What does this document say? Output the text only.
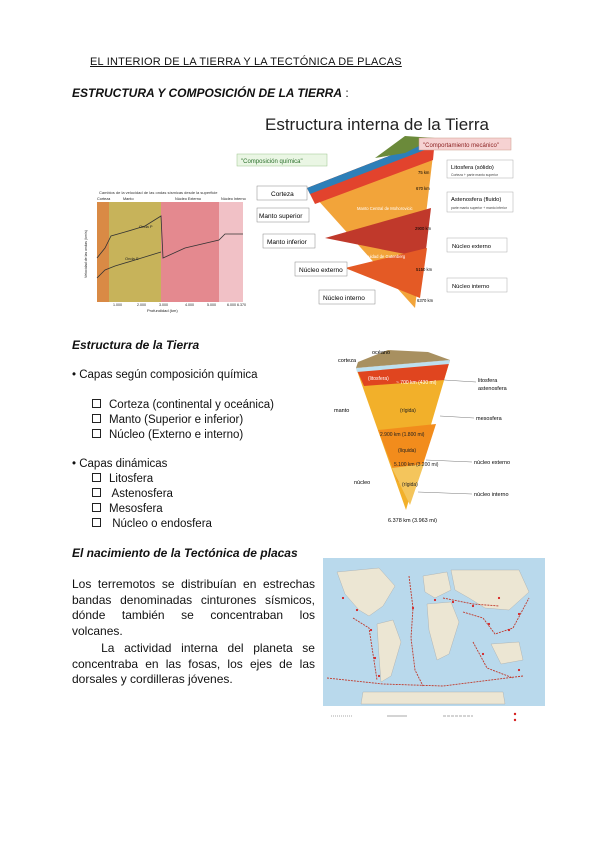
EL INTERIOR DE LA TIERRA Y LA TECTÓNICA DE PLACAS
ESTRUCTURA Y COMPOSICIÓN DE LA TIERRA :
Estructura interna de la Tierra
Cambios de la velocidad de las ondas sísmicas desde la superficie
Corteza	Manto	Núcleo Externo	Núcleo Interno
Onda P
Onda S
Velocidad de las ondas (km/s)
1.000	2.000	3.000	4.000	5.000	6.000 6.370
Profundidad (km)
Manto Central de Mohorovicic
Discontinuidad de Gutenberg
"Composición química"
"Comportamiento mecánico"
Corteza
Manto superior
Manto inferior
Núcleo externo
Núcleo interno
75 km
670 km
2900 km
5150 km
6370 km
Litosfera (sólido)
Corteza + parte manto superior
Astenosfera (fluido)
parte manto superior + manto inferior
Núcleo externo
Núcleo interno
Estructura de la Tierra
• Capas según composición química
Corteza (continental y oceánica)
Manto (Superior e inferior)
Núcleo (Externo e interno)
• Capas dinámicas
Litosfera
Astenosfera
Mesosfera
Núcleo o endosfera
océano
corteza
manto
núcleo
(litosfera)
~ 700 km (430 mi)
(rígida)
2.900 km (1.800 mi)
(líquida)
5.100 km (3.200 mi)
(rígida)
litosfera
astenosfera
mesosfera
núcleo externo
núcleo interno
6.378 km (3.963 mi)
El nacimiento de la Tectónica de placas
Los terremotos se distribuían en estrechas bandas denominadas cinturones sísmicos, dónde también se concentraban los volcanes.
La actividad interna del planeta se concentraba en las fosas, los ejes de las dorsales y cordilleras jóvenes.
